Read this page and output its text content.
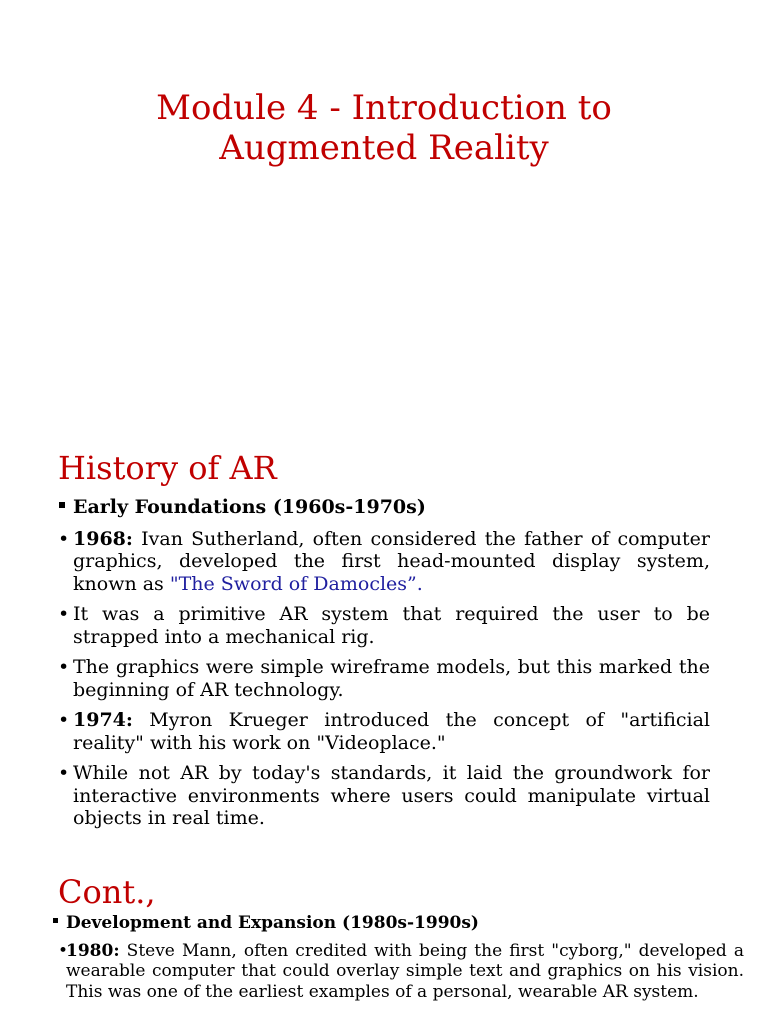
Module 4 - Introduction to
Augmented Reality
History of AR
Early Foundations (1960s-1970s)
• 1968: Ivan Sutherland, often considered the father of computer graphics, developed the first head-mounted display system, known as "The Sword of Damocles”.
• It was a primitive AR system that required the user to be strapped into a mechanical rig.
• The graphics were simple wireframe models, but this marked the beginning of AR technology.
• 1974: Myron Krueger introduced the concept of "artificial reality" with his work on "Videoplace."
• While not AR by today's standards, it laid the groundwork for interactive environments where users could manipulate virtual objects in real time.
Cont.,
Development and Expansion (1980s-1990s)
•
1980: Steve Mann, often credited with being the first "cyborg," developed a wearable computer that could overlay simple text and graphics on his vision. This was one of the earliest examples of a personal, wearable AR system.
